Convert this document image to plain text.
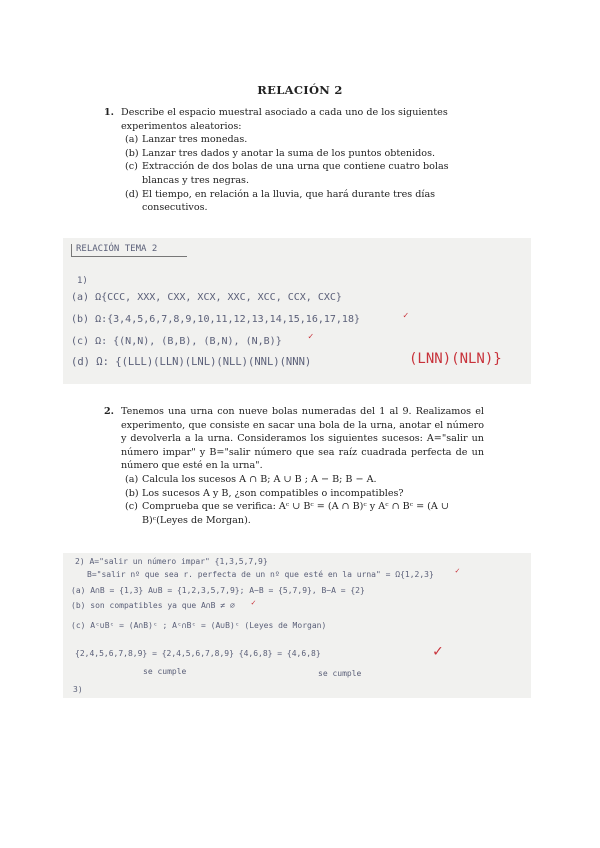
RELACIÓN 2
1. Describe el espacio muestral asociado a cada uno de los siguientes experimentos aleatorios:
(a) Lanzar tres monedas.
(b) Lanzar tres dados y anotar la suma de los puntos obtenidos.
(c) Extracción de dos bolas de una urna que contiene cuatro bolas blancas y tres negras.
(d) El tiempo, en relación a la lluvia, que hará durante tres días consecutivos.
RELACIÓN TEMA 2
1)
(a) Ω{CCC, XXX, CXX, XCX, XXC, XCC, CCX, CXC}
(b) Ω:{3,4,5,6,7,8,9,10,11,12,13,14,15,16,17,18}	✓
(c) Ω: {(N,N), (B,B), (B,N), (N,B)}	✓
(d) Ω: {(LLL)(LLN)(LNL)(NLL)(NNL)(NNN)	(LNN)(NLN)}
2. Tenemos una urna con nueve bolas numeradas del 1 al 9. Realizamos el experimento, que consiste en sacar una bola de la urna, anotar el número y devolverla a la urna. Consideramos los siguientes sucesos: A="salir un número impar" y B="salir número que sea raíz cuadrada perfecta de un número que esté en la urna".
(a) Calcula los sucesos A ∩ B; A ∪ B ; A − B; B − A.
(b) Los sucesos A y B, ¿son compatibles o incompatibles?
(c) Comprueba que se verifica: Aᶜ ∪ Bᶜ = (A ∩ B)ᶜ y Aᶜ ∩ Bᶜ = (A ∪ B)ᶜ(Leyes de Morgan).
2) A="salir un número impar" {1,3,5,7,9}
B="salir nº que sea r. perfecta de un nº que esté en la urna" = Ω{1,2,3}	✓
(a) A∩B = {1,3} A∪B = {1,2,3,5,7,9}; A−B = {5,7,9}, B−A = {2}
(b) son compatibles ya que A∩B ≠ ∅ ✓
(c) Aᶜ∪Bᶜ = (A∩B)ᶜ ; Aᶜ∩Bᶜ = (A∪B)ᶜ (Leyes de Morgan)
{2,4,5,6,7,8,9} = {2,4,5,6,7,8,9} {4,6,8} = {4,6,8}	✓
se cumple	se cumple
3)
